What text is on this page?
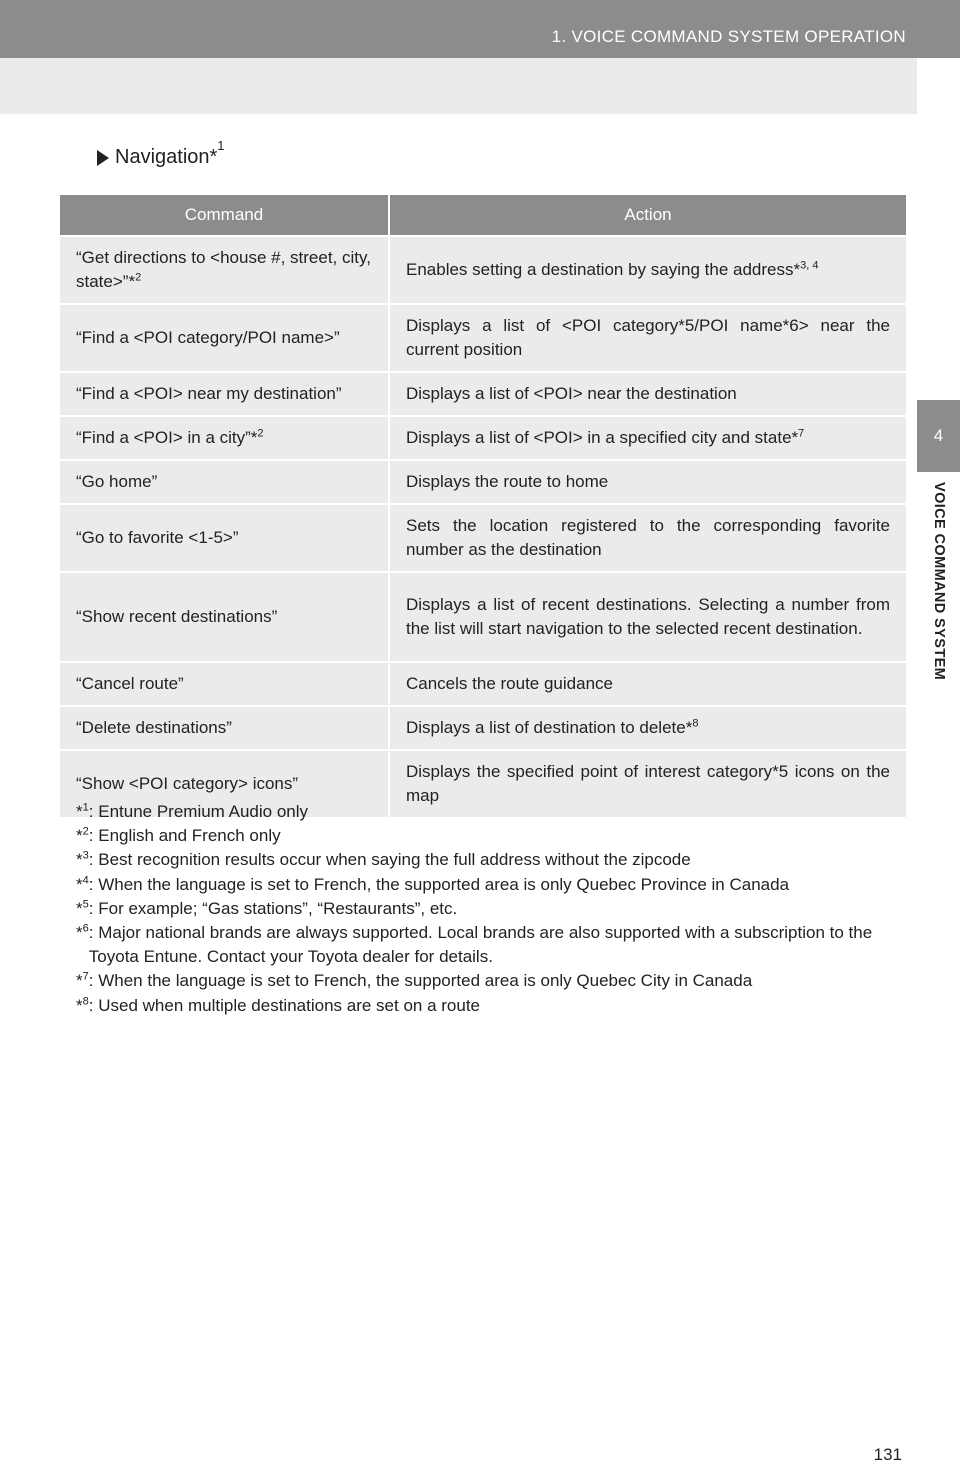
1. VOICE COMMAND SYSTEM OPERATION
4
VOICE COMMAND SYSTEM
Navigation*
1
Command	Action
“Get directions to <house #, street, city, state>”*$^2$	Enables setting a destination by saying the address*$^{3, 4}$
“Find a <POI category/POI name>”	Displays a list of <POI category*5/POI name*6> near the current position
“Find a <POI> near my destination”	Displays a list of <POI> near the destination
“Find a <POI> in a city”*$^2$	Displays a list of <POI> in a specified city and state*$^7$
“Go home”	Displays the route to home
“Go to favorite <1-5>”	Sets the location registered to the corresponding favorite number as the destination
“Show recent destinations”	Displays a list of recent destinations. Selecting a number from the list will start navigation to the selected recent destination.
“Cancel route”	Cancels the route guidance
“Delete destinations”	Displays a list of destination to delete*$^8$
“Show <POI category> icons”	Displays the specified point of interest category*5 icons on the map
*$^1$ : Entune Premium Audio only
*$^2$ : English and French only
*$^3$ : Best recognition results occur when saying the full address without the zipcode
*$^4$ : When the language is set to French, the supported area is only Quebec Province in Canada
*$^5$ : For example; “Gas stations”, “Restaurants”, etc.
*$^6$ : Major national brands are always supported. Local brands are also supported with a subscription to the Toyota Entune. Contact your Toyota dealer for details.
*$^7$ : When the language is set to French, the supported area is only Quebec City in Canada
*$^8$ : Used when multiple destinations are set on a route
131
